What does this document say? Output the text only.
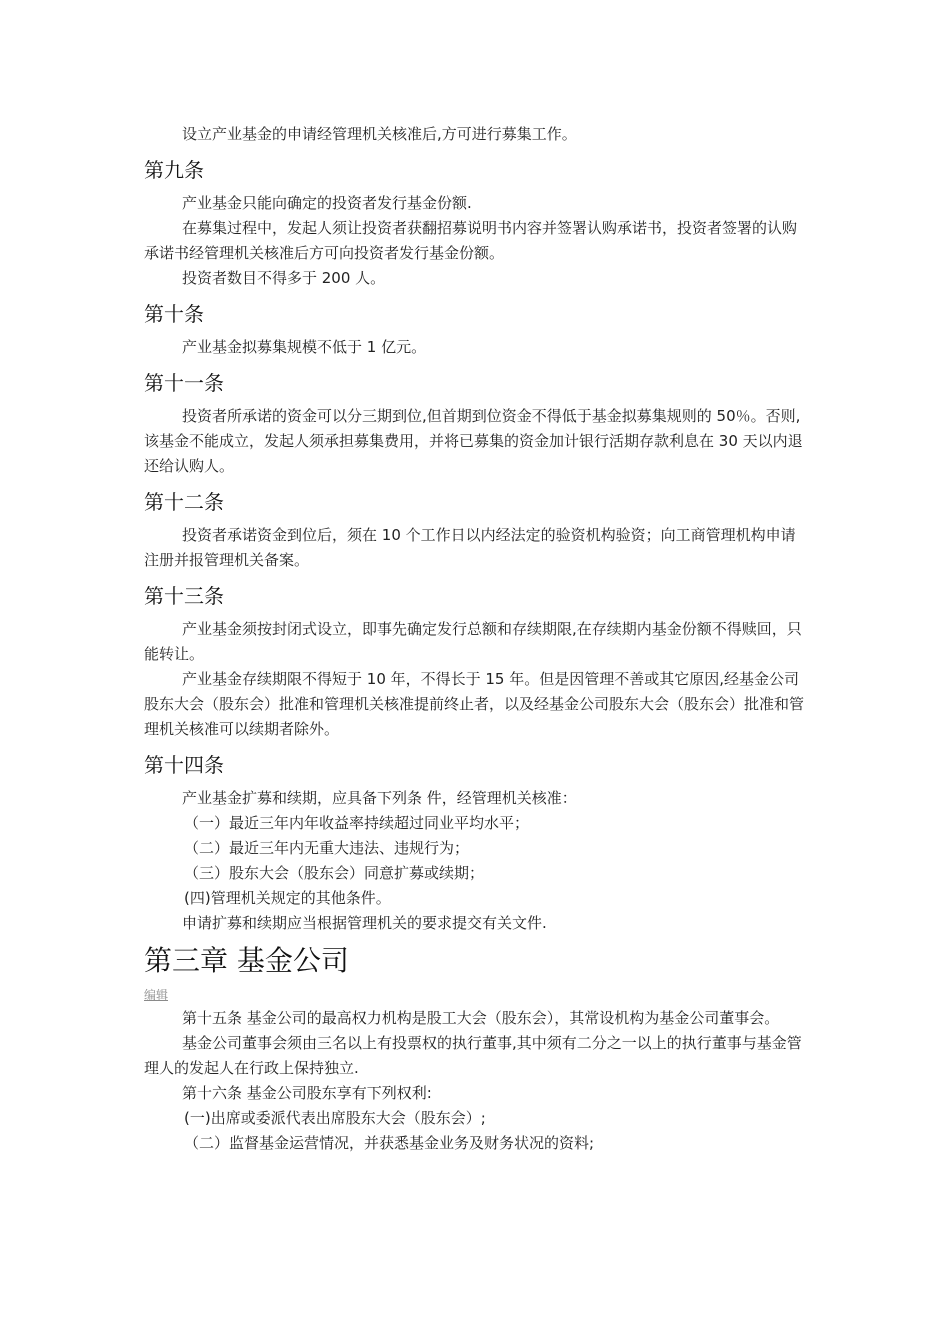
设立产业基金的申请经管理机关核准后,方可进行募集工作。

第九条

产业基金只能向确定的投资者发行基金份额.

在募集过程中，发起人须让投资者获翻招募说明书内容并签署认购承诺书，投资者签署的认购承诺书经管理机关核准后方可向投资者发行基金份额。

投资者数目不得多于 200 人。

第十条

产业基金拟募集规模不低于 1 亿元。

第十一条

投资者所承诺的资金可以分三期到位,但首期到位资金不得低于基金拟募集规则的 50％。否则,该基金不能成立，发起人须承担募集费用，并将已募集的资金加计银行活期存款利息在 30 天以内退还给认购人。

第十二条

投资者承诺资金到位后，须在 10 个工作日以内经法定的验资机构验资；向工商管理机构申请注册并报管理机关备案。

第十三条

产业基金须按封闭式设立，即事先确定发行总额和存续期限,在存续期内基金份额不得赎回，只能转让。

产业基金存续期限不得短于 10 年，不得长于 15 年。但是因管理不善或其它原因,经基金公司股东大会（股东会）批准和管理机关核准提前终止者，以及经基金公司股东大会（股东会）批准和管理机关核准可以续期者除外。

第十四条

产业基金扩募和续期，应具备下列条 件，经管理机关核准：

（一）最近三年内年收益率持续超过同业平均水平；

（二）最近三年内无重大违法、违规行为；

（三）股东大会（股东会）同意扩募或续期；

(四)管理机关规定的其他条件。

申请扩募和续期应当根据管理机关的要求提交有关文件.

第三章 基金公司
编辑

第十五条 基金公司的最高权力机构是股工大会（股东会），其常设机构为基金公司董事会。

基金公司董事会须由三名以上有投票权的执行董事,其中须有二分之一以上的执行董事与基金管理人的发起人在行政上保持独立.

第十六条 基金公司股东享有下列权利:

(一)出席或委派代表出席股东大会（股东会）;

（二）监督基金运营情况，并获悉基金业务及财务状况的资料;
